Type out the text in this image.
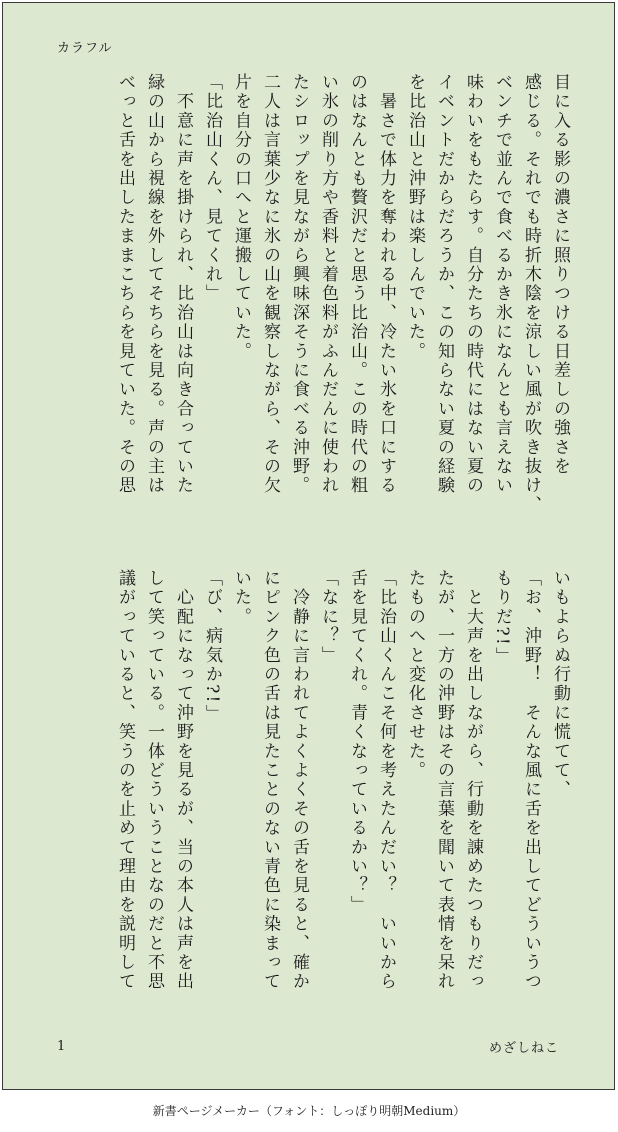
カラフル
目に入る影の濃さに照りつける日差しの強さを
感じる。それでも時折木陰を涼しい風が吹き抜け、
ベンチで並んで食べるかき氷になんとも言えない
味わいをもたらす。自分たちの時代にはない夏の
イベントだからだろうか、この知らない夏の経験
を比治山と沖野は楽しんでいた。
　暑さで体力を奪われる中、冷たい氷を口にする
のはなんとも贅沢だと思う比治山。この時代の粗
い氷の削り方や香料と着色料がふんだんに使われ
たシロップを見ながら興味深そうに食べる沖野。
二人は言葉少なに氷の山を観察しながら、その欠
片を自分の口へと運搬していた。
「比治山くん、見てくれ」
　不意に声を掛けられ、比治山は向き合っていた
緑の山から視線を外してそちらを見る。声の主は
べっと舌を出したままこちらを見ていた。その思
いもよらぬ行動に慌てて、
「お、沖野！　そんな風に舌を出してどういうつ
もりだ?!」
　と大声を出しながら、行動を諌めたつもりだっ
たが、一方の沖野はその言葉を聞いて表情を呆れ
たものへと変化させた。
「比治山くんこそ何を考えたんだい？　いいから
舌を見てくれ。青くなっているかい？」
「なに？」
　冷静に言われてよくよくその舌を見ると、確か
にピンク色の舌は見たことのない青色に染まって
いた。
「び、病気か?!」
　心配になって沖野を見るが、当の本人は声を出
して笑っている。一体どういうことなのだと不思
議がっていると、笑うのを止めて理由を説明して
1	めざしねこ
新書ページメーカー（フォント：しっぽり明朝Medium）
